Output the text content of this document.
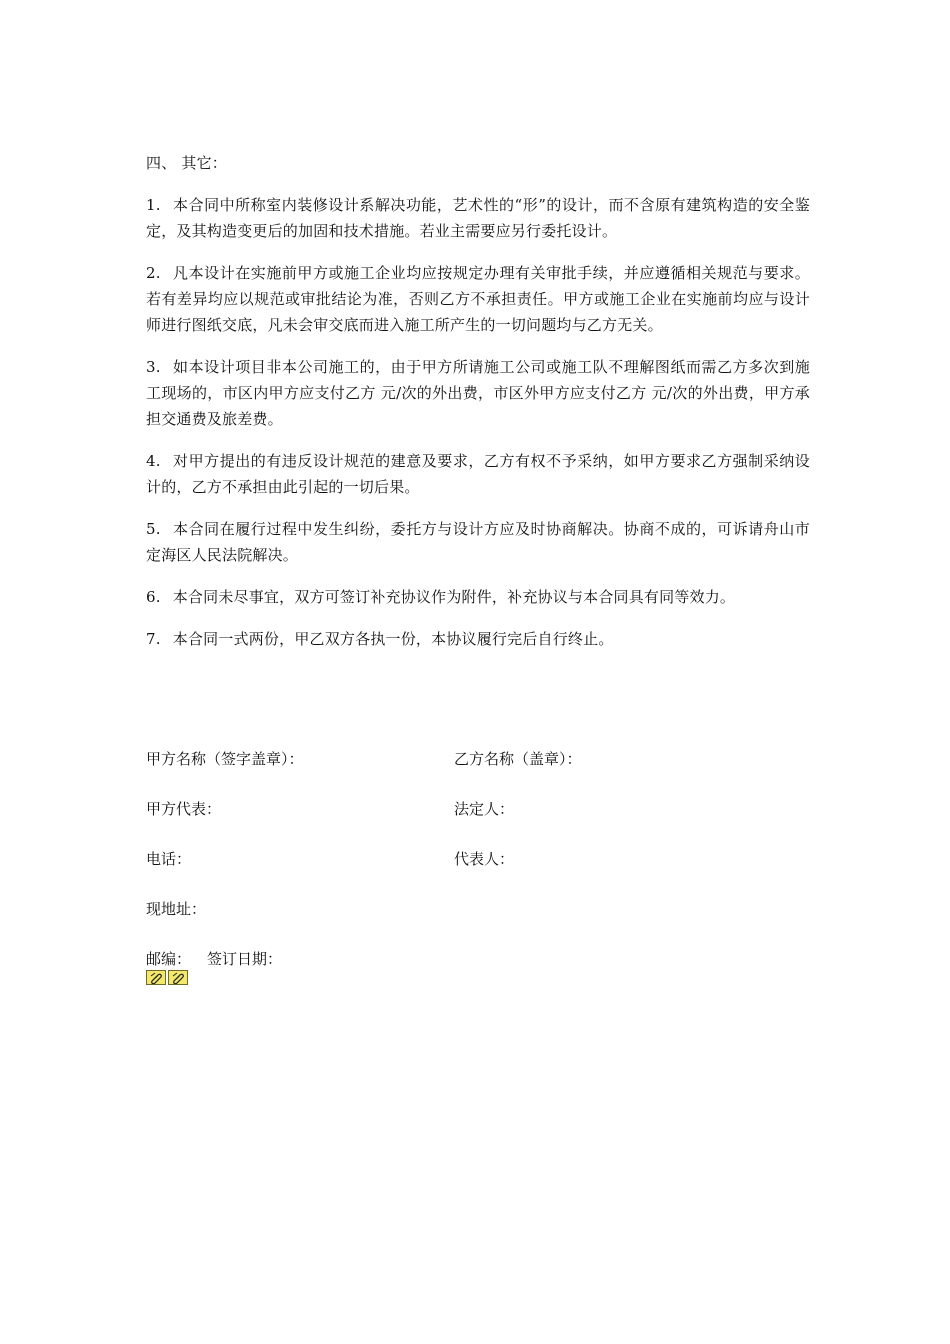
四、 其它：
1. 本合同中所称室内装修设计系解决功能，艺术性的“形”的设计，而不含原有建筑构造的安全鉴定，及其构造变更后的加固和技术措施。若业主需要应另行委托设计。
2. 凡本设计在实施前甲方或施工企业均应按规定办理有关审批手续，并应遵循相关规范与要求。若有差异均应以规范或审批结论为准，否则乙方不承担责任。甲方或施工企业在实施前均应与设计师进行图纸交底，凡未会审交底而进入施工所产生的一切问题均与乙方无关。
3. 如本设计项目非本公司施工的，由于甲方所请施工公司或施工队不理解图纸而需乙方多次到施工现场的，市区内甲方应支付乙方 元/次的外出费，市区外甲方应支付乙方 元/次的外出费，甲方承担交通费及旅差费。
4. 对甲方提出的有违反设计规范的建意及要求，乙方有权不予采纳，如甲方要求乙方强制采纳设计的，乙方不承担由此引起的一切后果。
5. 本合同在履行过程中发生纠纷，委托方与设计方应及时协商解决。协商不成的，可诉请舟山市定海区人民法院解决。
6. 本合同未尽事宜，双方可签订补充协议作为附件，补充协议与本合同具有同等效力。
7. 本合同一式两份，甲乙双方各执一份，本协议履行完后自行终止。
甲方名称（签字盖章）：	乙方名称（盖章）：
甲方代表：	法定人：
电话：	代表人：
现地址：
邮编： 签订日期：
